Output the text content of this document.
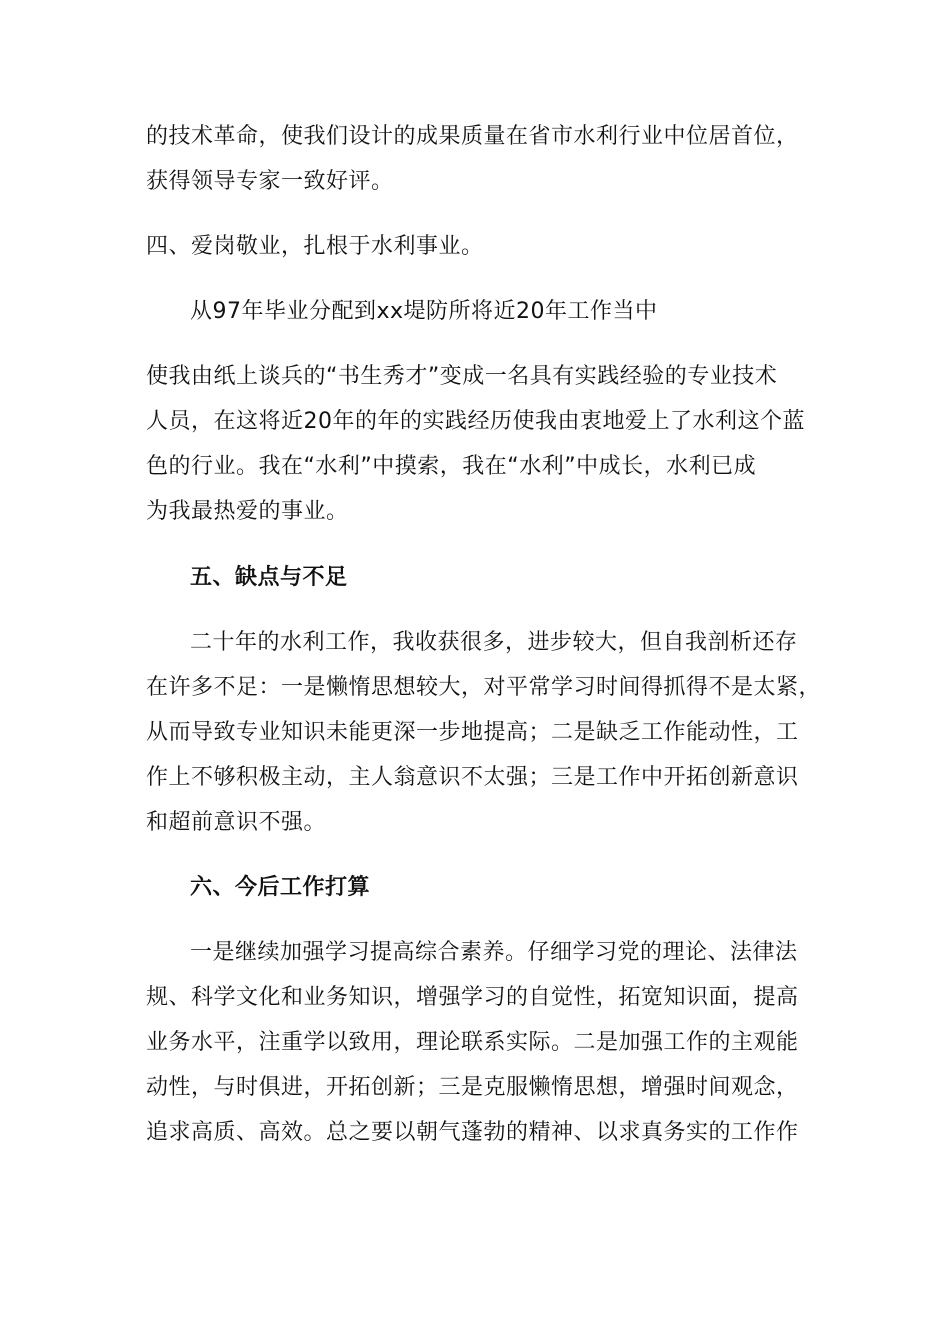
的技术革命，使我们设计的成果质量在省市水利行业中位居首位，
获得领导专家一致好评。
四、爱岗敬业，扎根于水利事业。
从97年毕业分配到xx堤防所将近20年工作当中
使我由纸上谈兵的“书生秀才”变成一名具有实践经验的专业技术
人员，在这将近20年的年的实践经历使我由衷地爱上了水利这个蓝
色的行业。我在“水利”中摸索，我在“水利”中成长，水利已成
为我最热爱的事业。
五、缺点与不足
二十年的水利工作，我收获很多，进步较大，但自我剖析还存
在许多不足：一是懒惰思想较大，对平常学习时间得抓得不是太紧，
从而导致专业知识未能更深一步地提高；二是缺乏工作能动性，工
作上不够积极主动，主人翁意识不太强；三是工作中开拓创新意识
和超前意识不强。
六、今后工作打算
一是继续加强学习提高综合素养。仔细学习党的理论、法律法
规、科学文化和业务知识，增强学习的自觉性，拓宽知识面，提高
业务水平，注重学以致用，理论联系实际。二是加强工作的主观能
动性，与时俱进，开拓创新；三是克服懒惰思想，增强时间观念，
追求高质、高效。总之要以朝气蓬勃的精神、以求真务实的工作作
